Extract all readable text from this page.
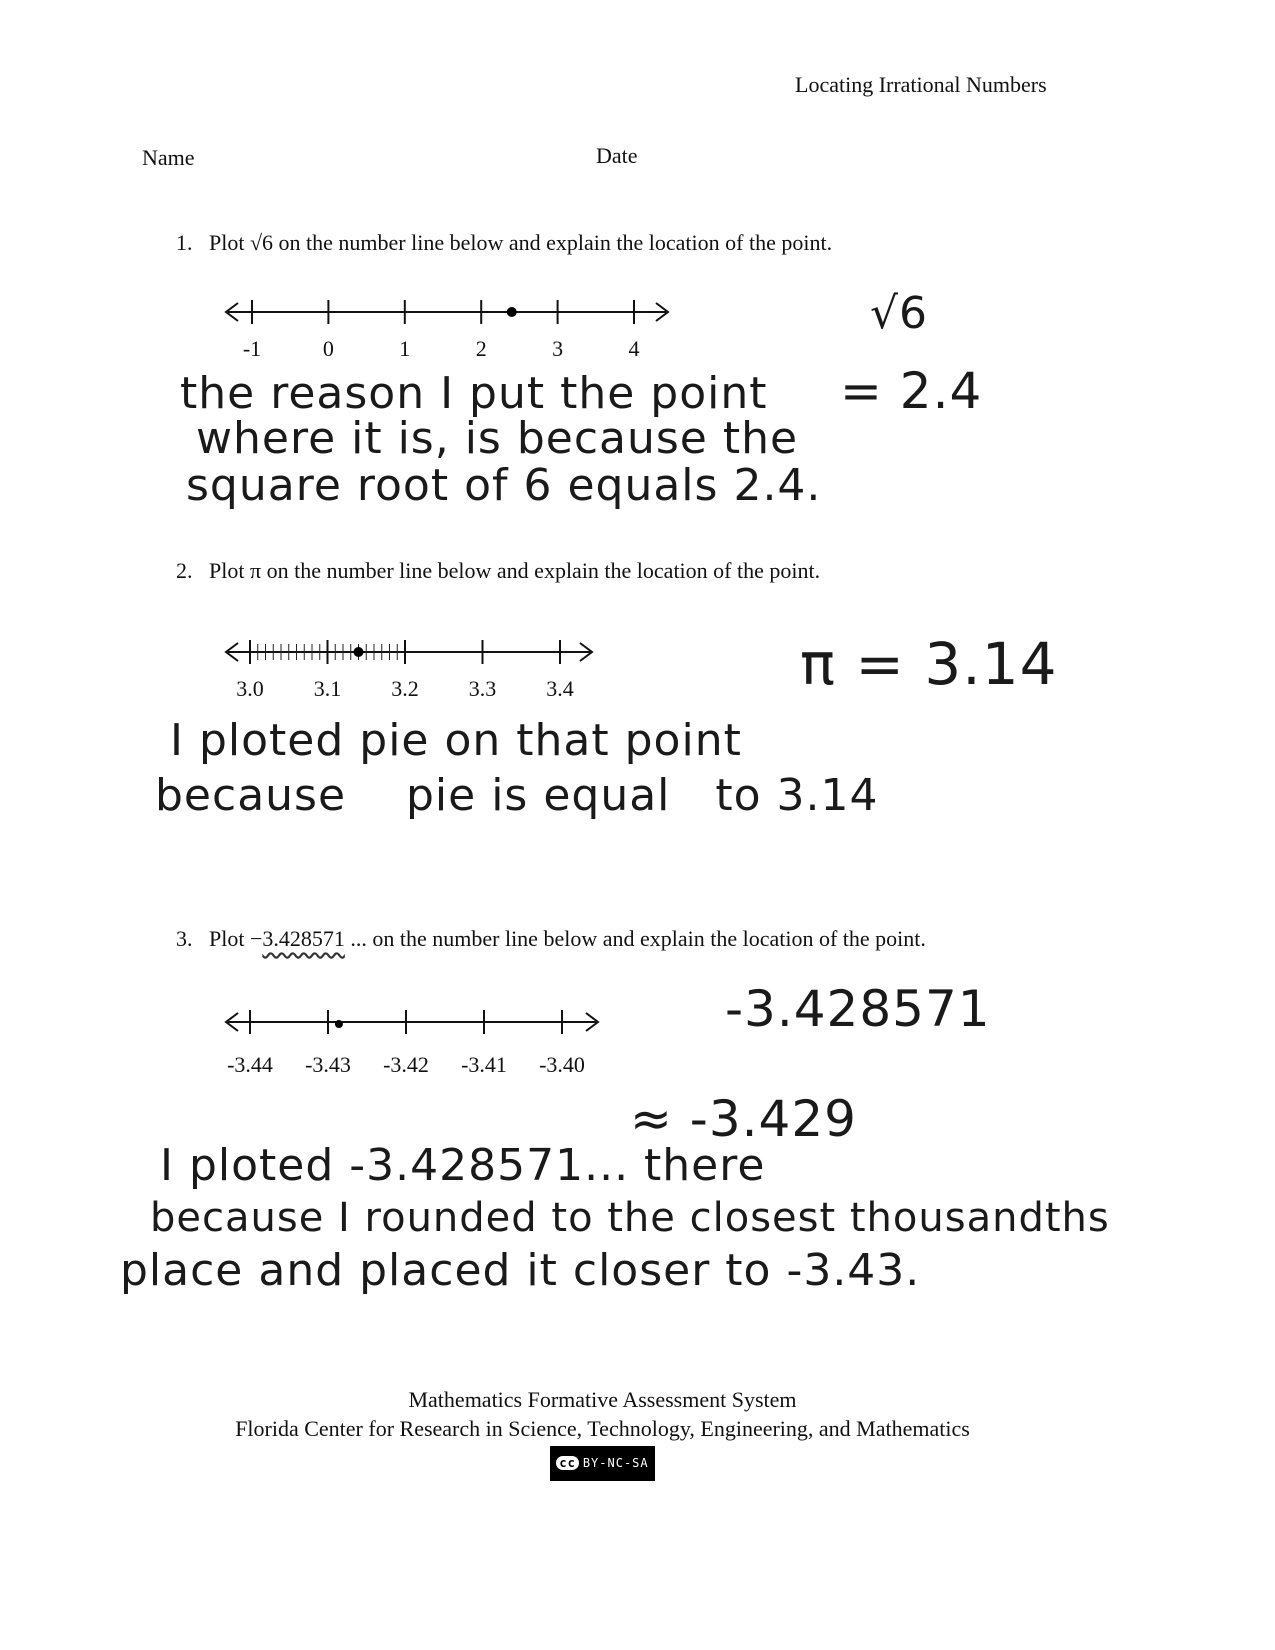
Locating Irrational Numbers
Name	Date
1. Plot √6 on the number line below and explain the location of the point.
-1	0	1	2	3	4
√6
= 2.4
the reason I put the point
where it is, is because the
square root of 6 equals 2.4.
2. Plot π on the number line below and explain the location of the point.
3.0 3.1 3.2 3.3 3.4	π = 3.14
I ploted pie on that point
because    pie is equal   to 3.14
3. Plot −3.428571 ... on the number line below and explain the location of the point.
-3.44 -3.43 -3.42 -3.41 -3.40
-3.428571
≈ -3.429
I ploted -3.428571... there
because I rounded to the closest thousandths
place and placed it closer to -3.43.
Mathematics Formative Assessment System
Florida Center for Research in Science, Technology, Engineering, and Mathematics
cc BY-NC-SA
